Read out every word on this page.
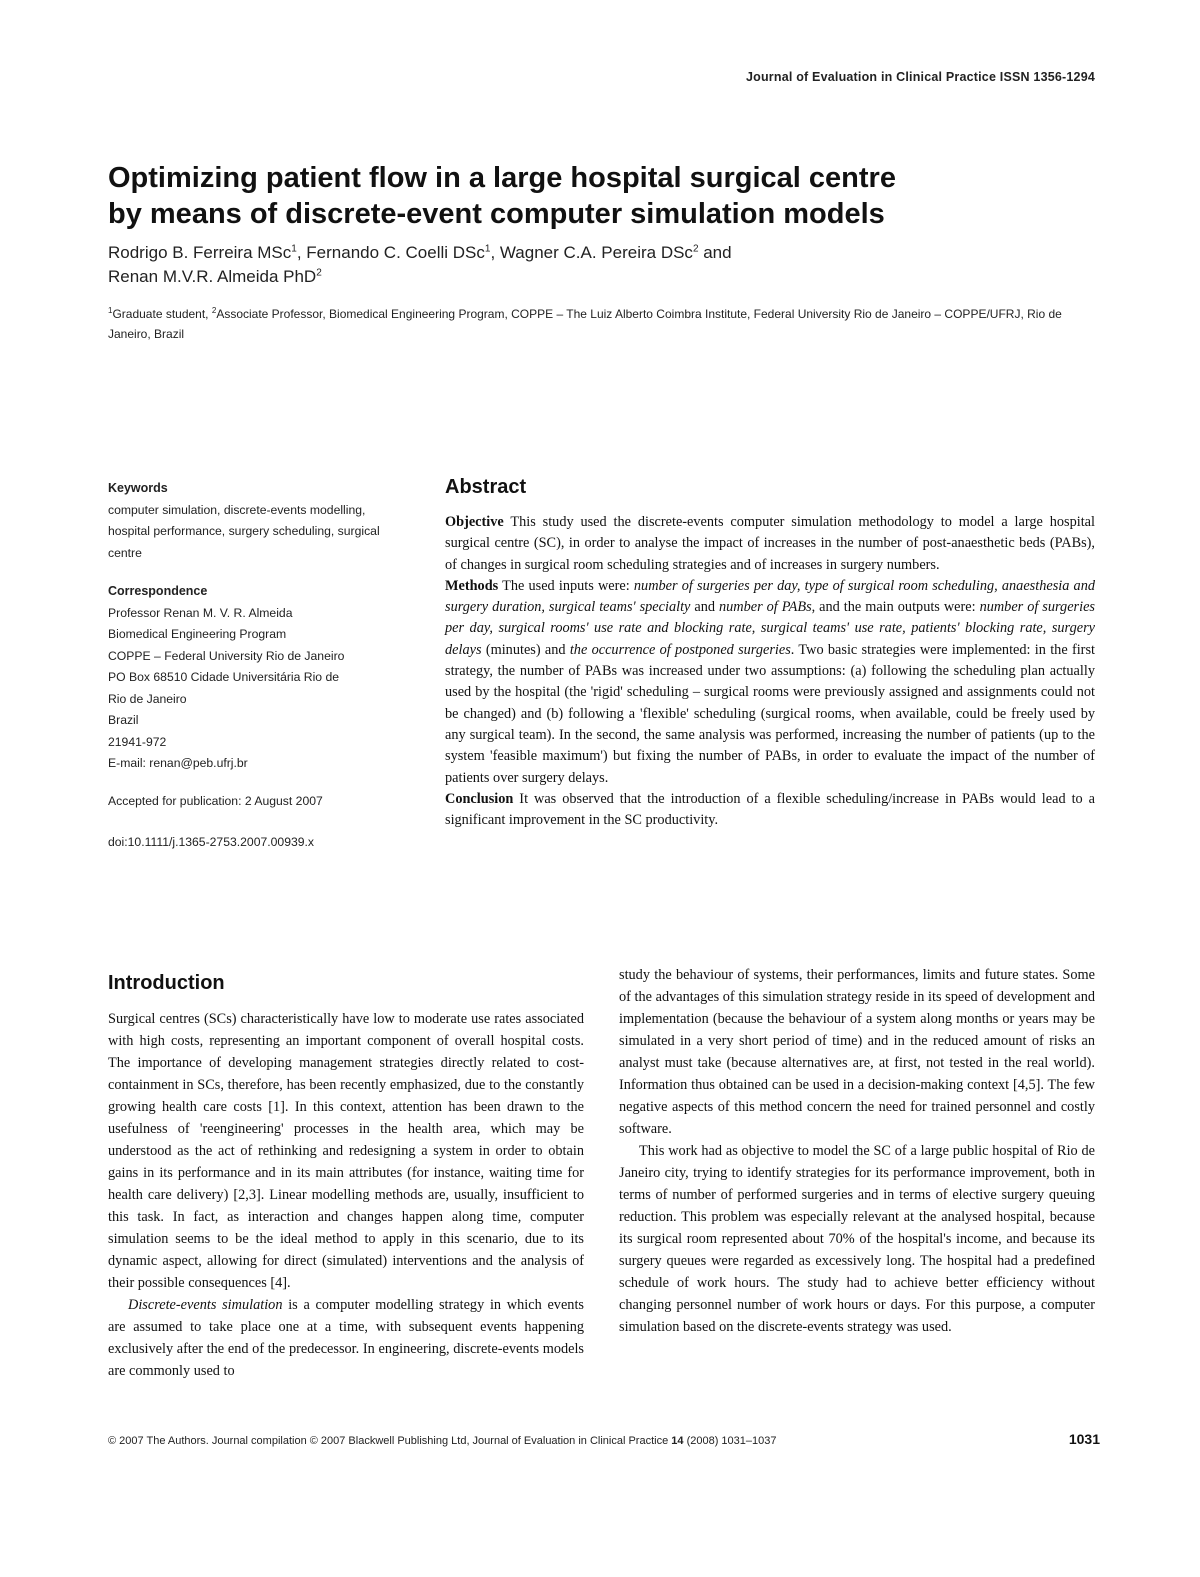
Journal of Evaluation in Clinical Practice ISSN 1356-1294
Optimizing patient flow in a large hospital surgical centre
by means of discrete-event computer simulation models
Rodrigo B. Ferreira MSc$^1$, Fernando C. Coelli DSc$^1$, Wagner C.A. Pereira DSc$^2$ and
Renan M.V.R. Almeida PhD$^2$
$^1$Graduate student, $^2$Associate Professor, Biomedical Engineering Program, COPPE – The Luiz Alberto Coimbra Institute, Federal University Rio de Janeiro – COPPE/UFRJ, Rio de Janeiro, Brazil
Keywords
computer simulation, discrete-events modelling, hospital performance, surgery scheduling, surgical centre
Correspondence
Professor Renan M. V. R. Almeida
Biomedical Engineering Program
COPPE – Federal University Rio de Janeiro
PO Box 68510 Cidade Universitária Rio de
Rio de Janeiro
Brazil
21941-972
E-mail: renan@peb.ufrj.br
Accepted for publication: 2 August 2007
doi:10.1111/j.1365-2753.2007.00939.x
Abstract

Objective This study used the discrete-events computer simulation methodology to model a large hospital surgical centre (SC), in order to analyse the impact of increases in the number of post-anaesthetic beds (PABs), of changes in surgical room scheduling strategies and of increases in surgery numbers.

Methods The used inputs were: number of surgeries per day, type of surgical room scheduling, anaesthesia and surgery duration, surgical teams' specialty and number of PABs, and the main outputs were: number of surgeries per day, surgical rooms' use rate and blocking rate, surgical teams' use rate, patients' blocking rate, surgery delays (minutes) and the occurrence of postponed surgeries. Two basic strategies were implemented: in the first strategy, the number of PABs was increased under two assumptions: (a) following the scheduling plan actually used by the hospital (the 'rigid' scheduling – surgical rooms were previously assigned and assignments could not be changed) and (b) following a 'flexible' scheduling (surgical rooms, when available, could be freely used by any surgical team). In the second, the same analysis was performed, increasing the number of patients (up to the system 'feasible maximum') but fixing the number of PABs, in order to evaluate the impact of the number of patients over surgery delays.

Conclusion It was observed that the introduction of a flexible scheduling/increase in PABs would lead to a significant improvement in the SC productivity.

Introduction

Surgical centres (SCs) characteristically have low to moderate use rates associated with high costs, representing an important component of overall hospital costs. The importance of developing management strategies directly related to cost-containment in SCs, therefore, has been recently emphasized, due to the constantly growing health care costs [1]. In this context, attention has been drawn to the usefulness of 'reengineering' processes in the health area, which may be understood as the act of rethinking and redesigning a system in order to obtain gains in its performance and in its main attributes (for instance, waiting time for health care delivery) [2,3]. Linear modelling methods are, usually, insufficient to this task. In fact, as interaction and changes happen along time, computer simulation seems to be the ideal method to apply in this scenario, due to its dynamic aspect, allowing for direct (simulated) interventions and the analysis of their possible consequences [4].

Discrete-events simulation is a computer modelling strategy in which events are assumed to take place one at a time, with subsequent events happening exclusively after the end of the predecessor. In engineering, discrete-events models are commonly used to

study the behaviour of systems, their performances, limits and future states. Some of the advantages of this simulation strategy reside in its speed of development and implementation (because the behaviour of a system along months or years may be simulated in a very short period of time) and in the reduced amount of risks an analyst must take (because alternatives are, at first, not tested in the real world). Information thus obtained can be used in a decision-making context [4,5]. The few negative aspects of this method concern the need for trained personnel and costly software.

This work had as objective to model the SC of a large public hospital of Rio de Janeiro city, trying to identify strategies for its performance improvement, both in terms of number of performed surgeries and in terms of elective surgery queuing reduction. This problem was especially relevant at the analysed hospital, because its surgical room represented about 70% of the hospital's income, and because its surgery queues were regarded as excessively long. The hospital had a predefined schedule of work hours. The study had to achieve better efficiency without changing personnel number of work hours or days. For this purpose, a computer simulation based on the discrete-events strategy was used.

© 2007 The Authors. Journal compilation © 2007 Blackwell Publishing Ltd, Journal of Evaluation in Clinical Practice 14 (2008) 1031–1037	1031
